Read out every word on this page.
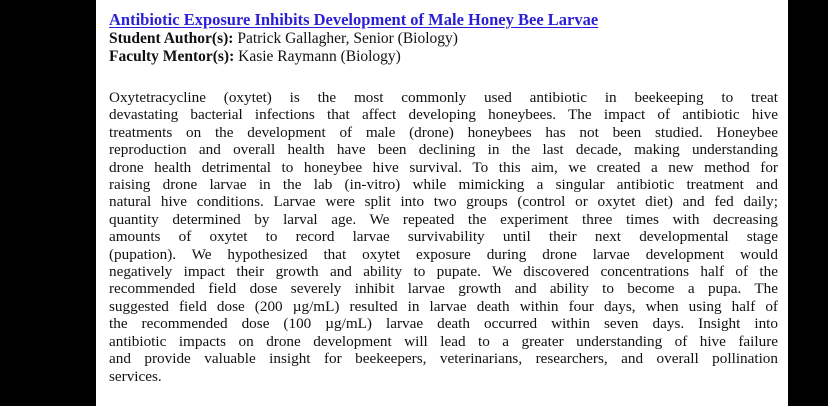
Antibiotic Exposure Inhibits Development of Male Honey Bee Larvae
Student Author(s): Patrick Gallagher, Senior (Biology)
Faculty Mentor(s): Kasie Raymann (Biology)
Oxytetracycline (oxytet) is the most commonly used antibiotic in beekeeping to treat
devastating bacterial infections that affect developing honeybees. The impact of antibiotic hive
treatments on the development of male (drone) honeybees has not been studied. Honeybee
reproduction and overall health have been declining in the last decade, making understanding
drone health detrimental to honeybee hive survival. To this aim, we created a new method for
raising drone larvae in the lab (in-vitro) while mimicking a singular antibiotic treatment and
natural hive conditions. Larvae were split into two groups (control or oxytet diet) and fed daily;
quantity determined by larval age. We repeated the experiment three times with decreasing
amounts of oxytet to record larvae survivability until their next developmental stage
(pupation). We hypothesized that oxytet exposure during drone larvae development would
negatively impact their growth and ability to pupate. We discovered concentrations half of the
recommended field dose severely inhibit larvae growth and ability to become a pupa. The
suggested field dose (200 µg/mL) resulted in larvae death within four days, when using half of
the recommended dose (100 µg/mL) larvae death occurred within seven days. Insight into
antibiotic impacts on drone development will lead to a greater understanding of hive failure
and provide valuable insight for beekeepers, veterinarians, researchers, and overall pollination
services.
